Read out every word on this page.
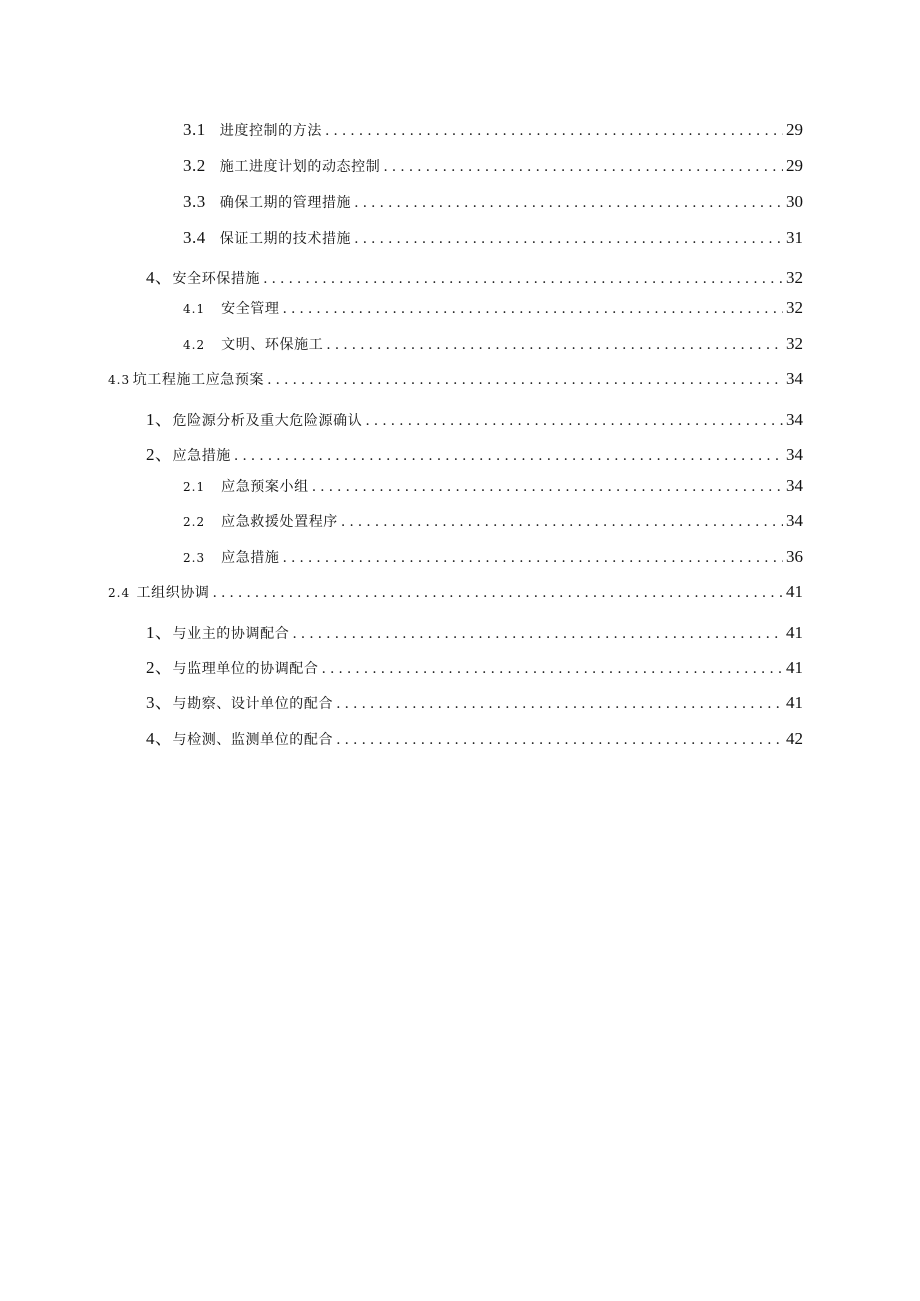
3.1 进度控制的方法 .....	29
3.2 施工进度计划的动态控制 .....	29
3.3 确保工期的管理措施 .....	30
3.4 保证工期的技术措施 .....	31
4、 安全环保措施 .....	32
4.1 安全管理 .....	32
4.2 文明、环保施工 .....	32
4.3 坑工程施工应急预案 .....	34
1、 危险源分析及重大危险源确认 .....	34
2、 应急措施 .....	34
2.1 应急预案小组 .....	34
2.2 应急救援处置程序 .....	34
2.3 应急措施 .....	36
2.4 工组织协调 .....	41
1、 与业主的协调配合 .....	41
2、 与监理单位的协调配合 .....	41
3、 与勘察、设计单位的配合 .....	41
4、 与检测、监测单位的配合 .....	42
